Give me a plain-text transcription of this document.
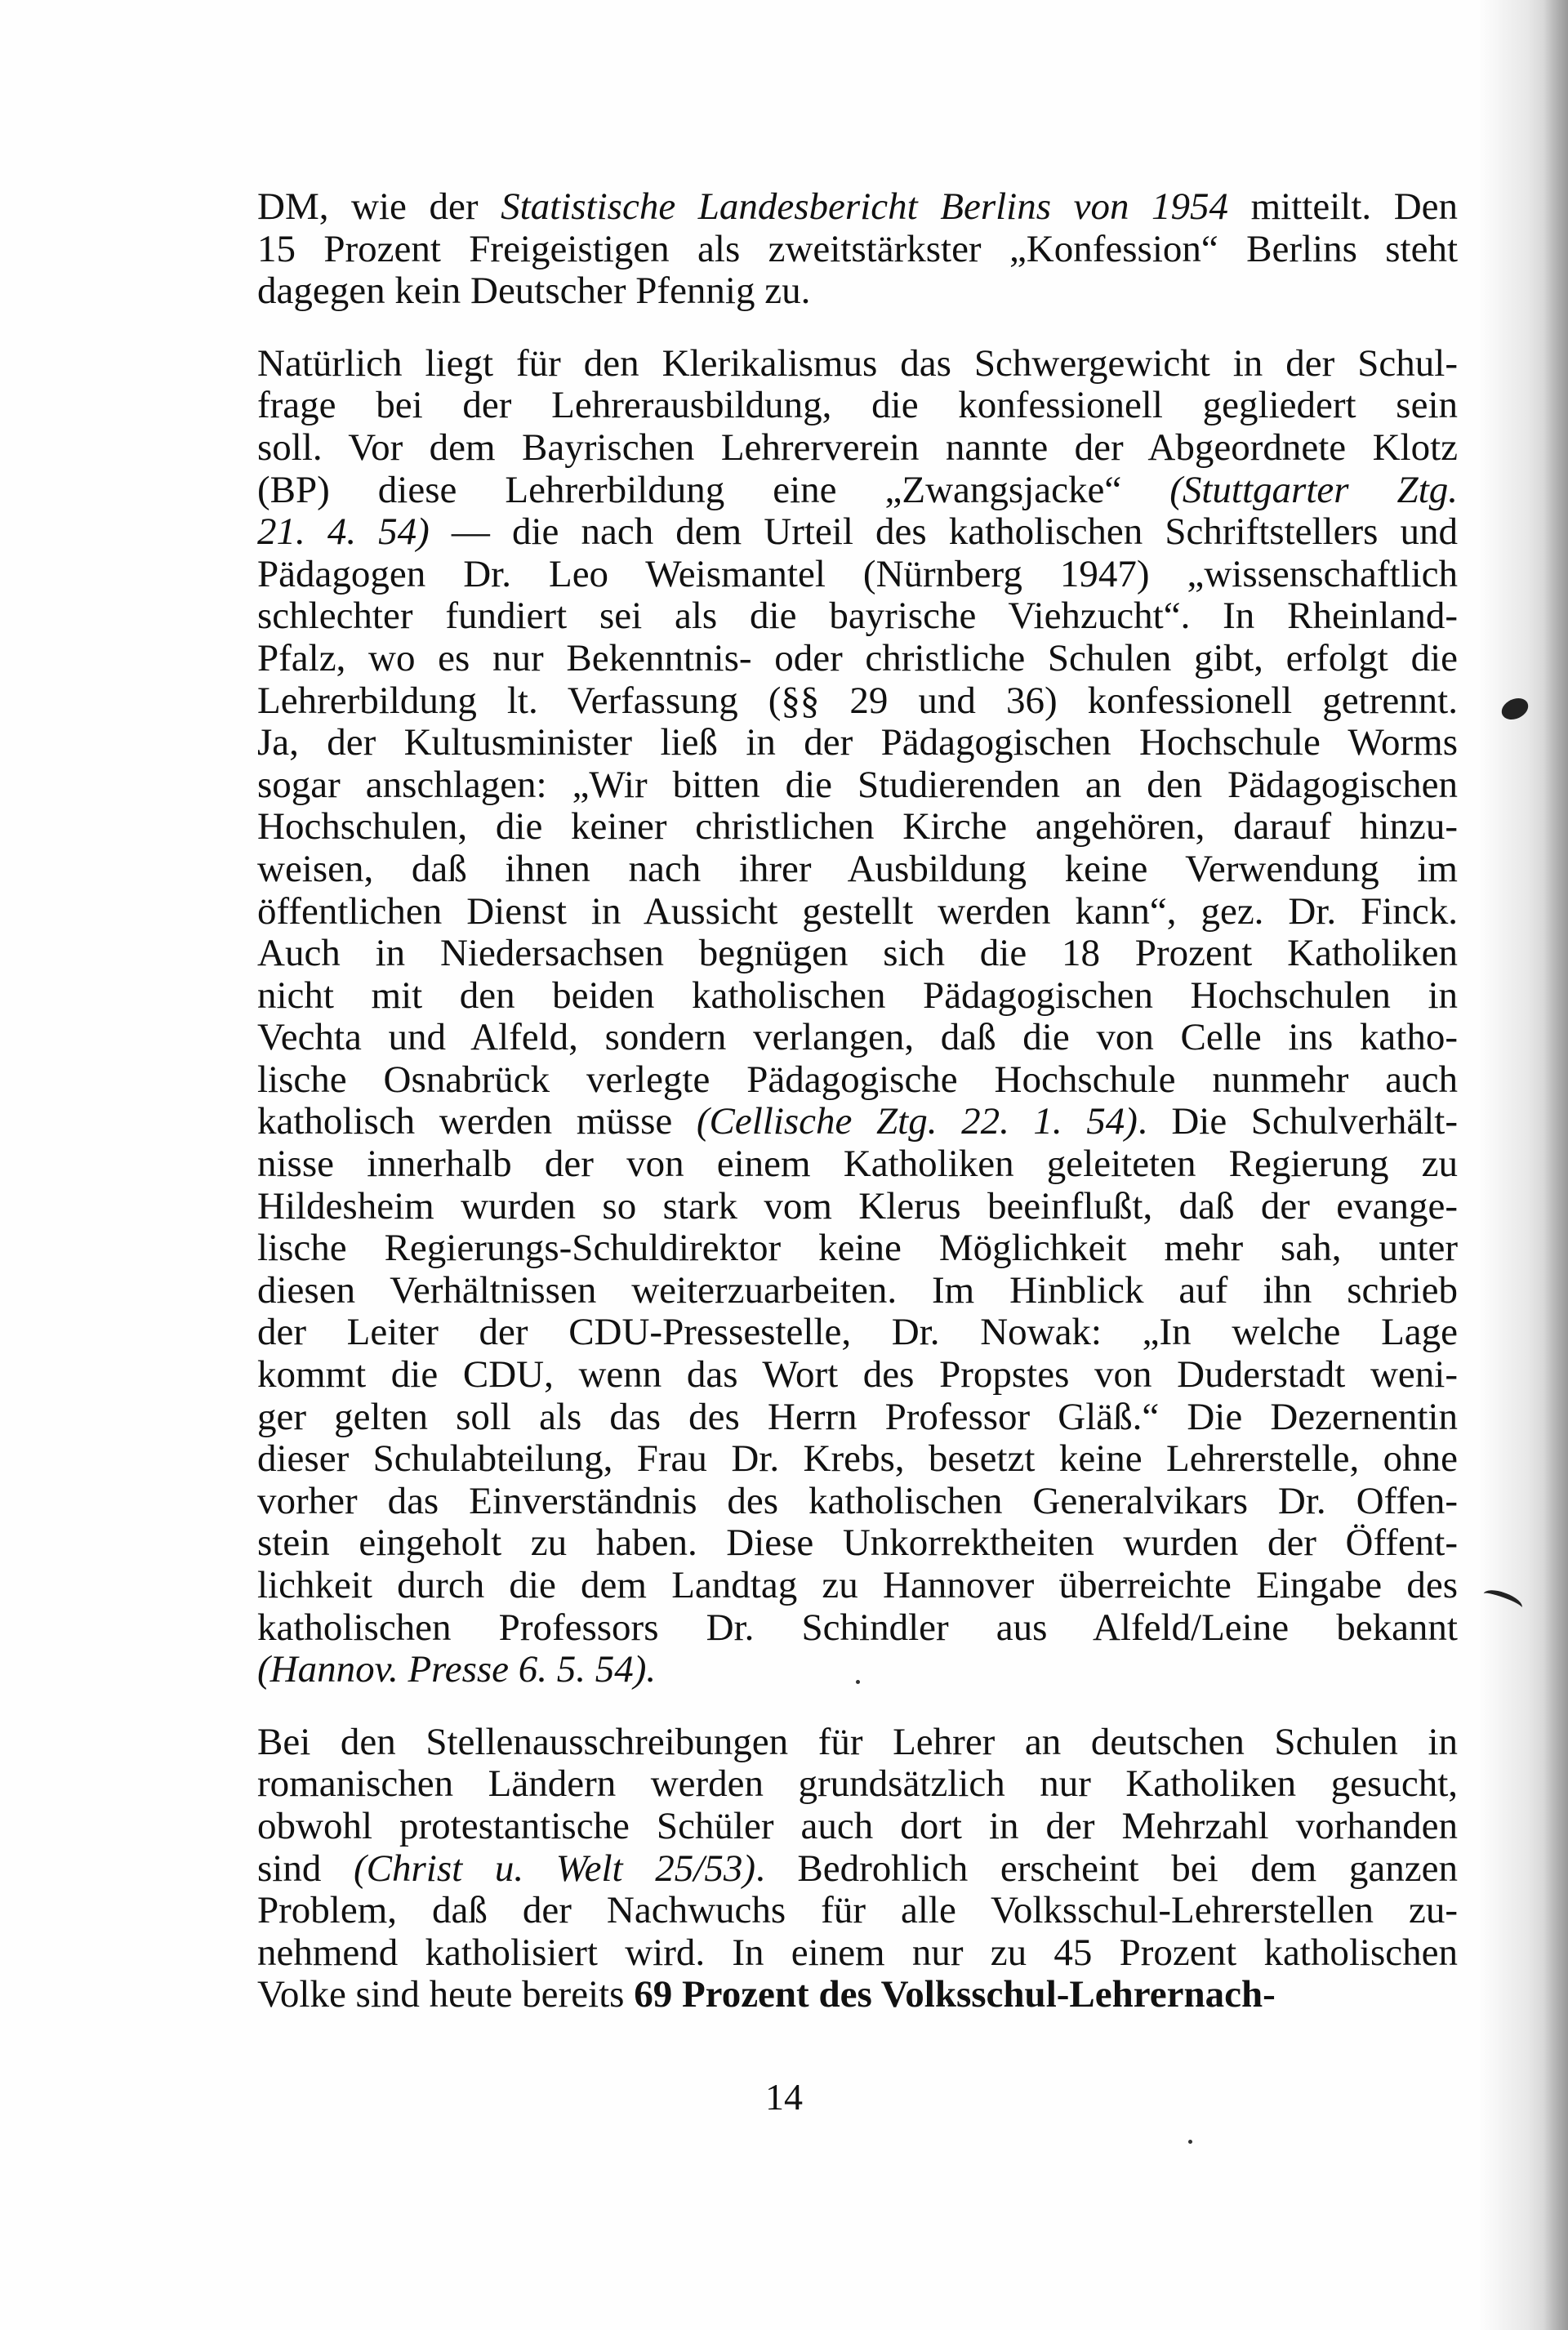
DM, wie der Statistische Landesbericht Berlins von 1954 mitteilt. Den
15 Prozent Freigeistigen als zweitstärkster „Konfession“ Berlins steht
dagegen kein Deutscher Pfennig zu.
Natürlich liegt für den Klerikalismus das Schwergewicht in der Schul-
frage bei der Lehrerausbildung, die konfessionell gegliedert sein
soll. Vor dem Bayrischen Lehrerverein nannte der Abgeordnete Klotz
(BP) diese Lehrerbildung eine „Zwangsjacke“ (Stuttgarter Ztg.
21. 4. 54) — die nach dem Urteil des katholischen Schriftstellers und
Pädagogen Dr. Leo Weismantel (Nürnberg 1947) „wissenschaftlich
schlechter fundiert sei als die bayrische Viehzucht“. In Rheinland-
Pfalz, wo es nur Bekenntnis- oder christliche Schulen gibt, erfolgt die
Lehrerbildung lt. Verfassung (§§ 29 und 36) konfessionell getrennt.
Ja, der Kultusminister ließ in der Pädagogischen Hochschule Worms
sogar anschlagen: „Wir bitten die Studierenden an den Pädagogischen
Hochschulen, die keiner christlichen Kirche angehören, darauf hinzu-
weisen, daß ihnen nach ihrer Ausbildung keine Verwendung im
öffentlichen Dienst in Aussicht gestellt werden kann“, gez. Dr. Finck.
Auch in Niedersachsen begnügen sich die 18 Prozent Katholiken
nicht mit den beiden katholischen Pädagogischen Hochschulen in
Vechta und Alfeld, sondern verlangen, daß die von Celle ins katho-
lische Osnabrück verlegte Pädagogische Hochschule nunmehr auch
katholisch werden müsse (Cellische Ztg. 22. 1. 54). Die Schulverhält-
nisse innerhalb der von einem Katholiken geleiteten Regierung zu
Hildesheim wurden so stark vom Klerus beeinflußt, daß der evange-
lische Regierungs-Schuldirektor keine Möglichkeit mehr sah, unter
diesen Verhältnissen weiterzuarbeiten. Im Hinblick auf ihn schrieb
der Leiter der CDU-Pressestelle, Dr. Nowak: „In welche Lage
kommt die CDU, wenn das Wort des Propstes von Duderstadt weni-
ger gelten soll als das des Herrn Professor Gläß.“ Die Dezernentin
dieser Schulabteilung, Frau Dr. Krebs, besetzt keine Lehrerstelle, ohne
vorher das Einverständnis des katholischen Generalvikars Dr. Offen-
stein eingeholt zu haben. Diese Unkorrektheiten wurden der Öffent-
lichkeit durch die dem Landtag zu Hannover überreichte Eingabe des
katholischen Professors Dr. Schindler aus Alfeld/Leine bekannt
(Hannov. Presse 6. 5. 54).
Bei den Stellenausschreibungen für Lehrer an deutschen Schulen in
romanischen Ländern werden grundsätzlich nur Katholiken gesucht,
obwohl protestantische Schüler auch dort in der Mehrzahl vorhanden
sind (Christ u. Welt 25/53). Bedrohlich erscheint bei dem ganzen
Problem, daß der Nachwuchs für alle Volksschul-Lehrerstellen zu-
nehmend katholisiert wird. In einem nur zu 45 Prozent katholischen
Volke sind heute bereits 69 Prozent des Volksschul-Lehrernach-
14
